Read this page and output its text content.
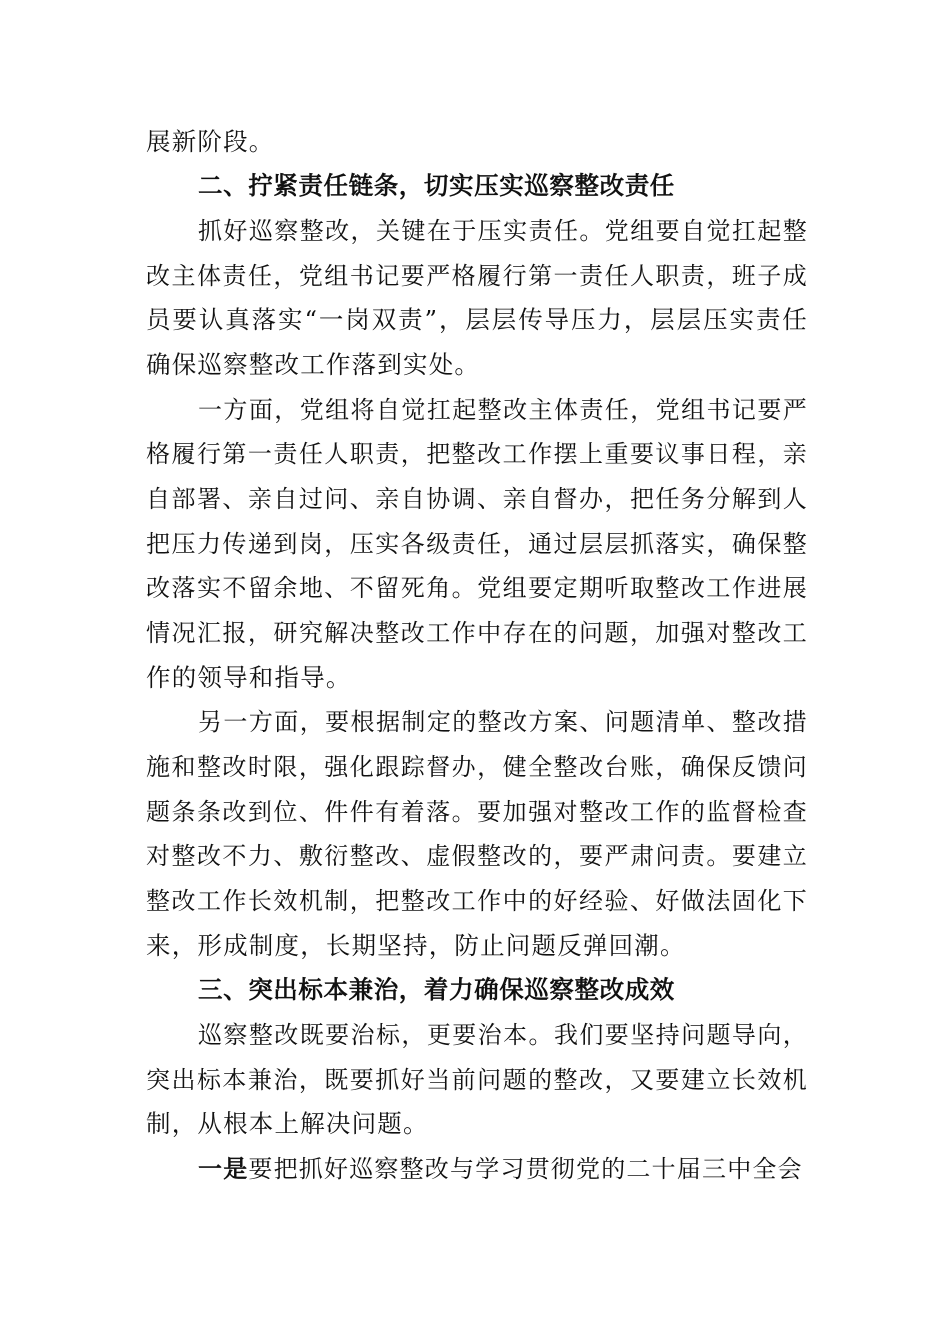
展新阶段。
二、拧紧责任链条，切实压实巡察整改责任
抓好巡察整改，关键在于压实责任。党组要自觉扛起整
改主体责任，党组书记要严格履行第一责任人职责，班子成
员要认真落实“一岗双责”，层层传导压力，层层压实责任
确保巡察整改工作落到实处。
一方面，党组将自觉扛起整改主体责任，党组书记要严
格履行第一责任人职责，把整改工作摆上重要议事日程，亲
自部署、亲自过问、亲自协调、亲自督办，把任务分解到人
把压力传递到岗，压实各级责任，通过层层抓落实，确保整
改落实不留余地、不留死角。党组要定期听取整改工作进展
情况汇报，研究解决整改工作中存在的问题，加强对整改工
作的领导和指导。
另一方面，要根据制定的整改方案、问题清单、整改措
施和整改时限，强化跟踪督办，健全整改台账，确保反馈问
题条条改到位、件件有着落。要加强对整改工作的监督检查
对整改不力、敷衍整改、虚假整改的，要严肃问责。要建立
整改工作长效机制，把整改工作中的好经验、好做法固化下
来，形成制度，长期坚持，防止问题反弹回潮。
三、突出标本兼治，着力确保巡察整改成效
巡察整改既要治标，更要治本。我们要坚持问题导向，
突出标本兼治，既要抓好当前问题的整改，又要建立长效机
制，从根本上解决问题。
一是要把抓好巡察整改与学习贯彻党的二十届三中全会
